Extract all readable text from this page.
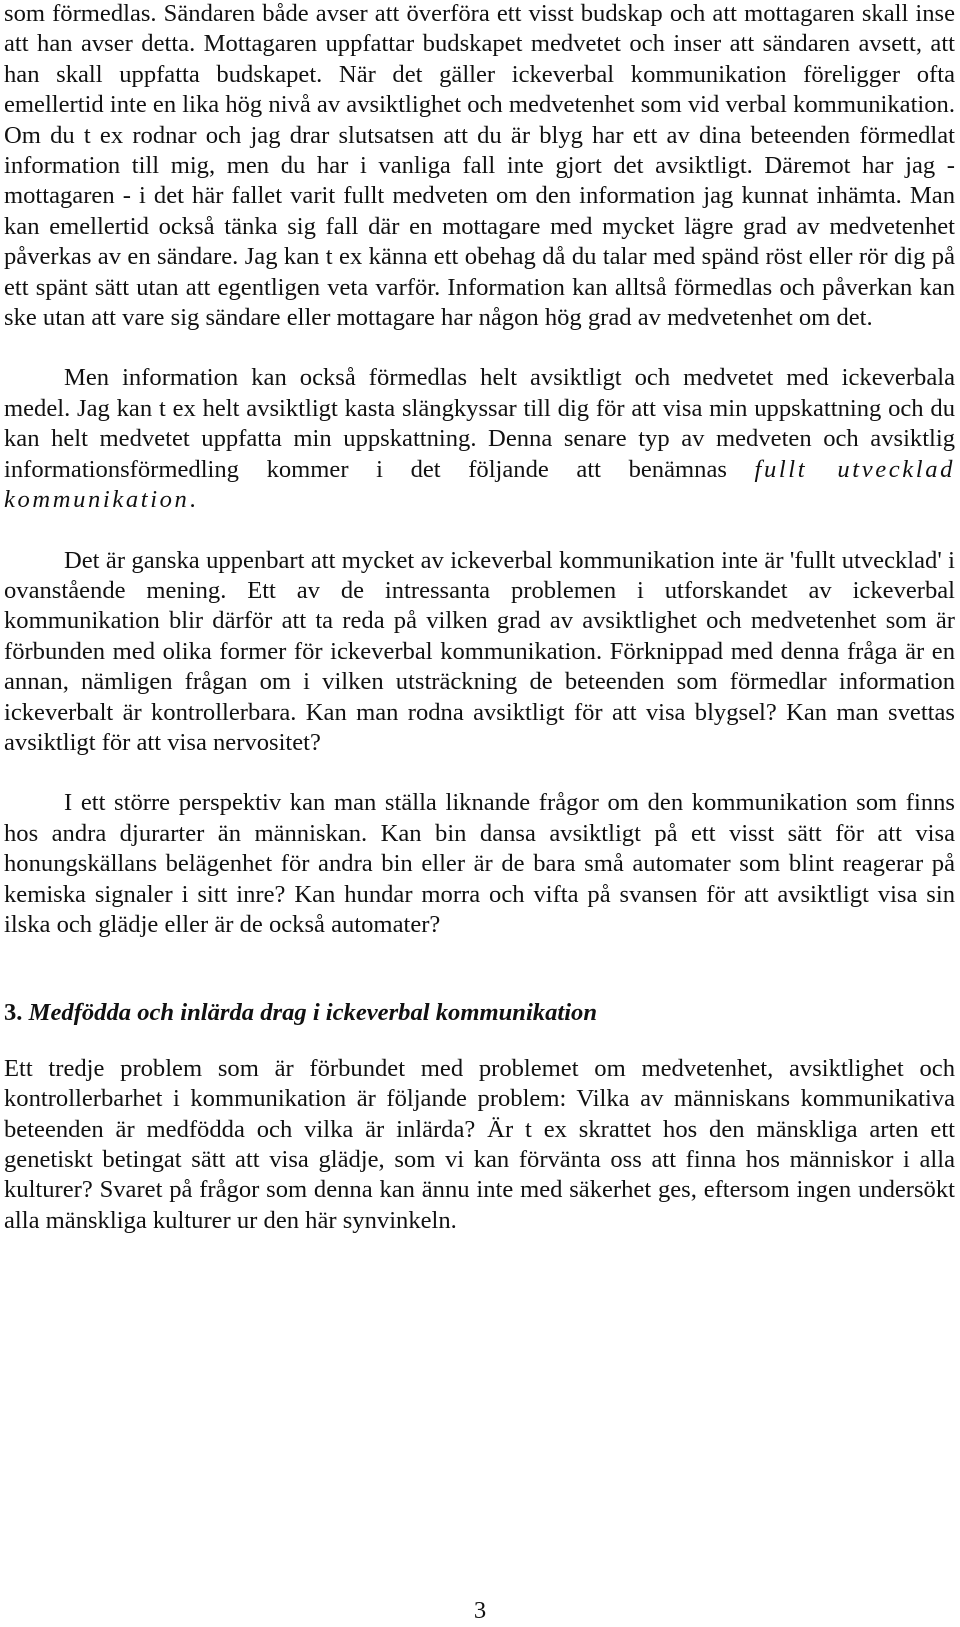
som förmedlas. Sändaren både avser att överföra ett visst budskap och att mottagaren skall inse att han avser detta. Mottagaren uppfattar budskapet medvetet och inser att sändaren avsett, att han skall uppfatta budskapet. När det gäller ickeverbal kommunikation föreligger ofta emellertid inte en lika hög nivå av avsiktlighet och medvetenhet som vid verbal kommunikation. Om du t ex rodnar och jag drar slutsatsen att du är blyg har ett av dina beteenden förmedlat information till mig, men du har i vanliga fall inte gjort det avsiktligt. Däremot har jag - mottagaren - i det här fallet varit fullt medveten om den information jag kunnat inhämta. Man kan emellertid också tänka sig fall där en mottagare med mycket lägre grad av medvetenhet påverkas av en sändare. Jag kan t ex känna ett obehag då du talar med spänd röst eller rör dig på ett spänt sätt utan att egentligen veta varför. Information kan alltså förmedlas och påverkan kan ske utan att vare sig sändare eller mottagare har någon hög grad av medvetenhet om det.

Men information kan också förmedlas helt avsiktligt och medvetet med ickeverbala medel. Jag kan t ex helt avsiktligt kasta slängkyssar till dig för att visa min uppskattning och du kan helt medvetet uppfatta min uppskattning. Denna senare typ av medveten och avsiktlig informationsförmedling kommer i det följande att benämnas fullt utvecklad kommunikation.

Det är ganska uppenbart att mycket av ickeverbal kommunikation inte är 'fullt utvecklad' i ovanstående mening. Ett av de intressanta problemen i utforskandet av ickeverbal kommunikation blir därför att ta reda på vilken grad av avsiktlighet och medvetenhet som är förbunden med olika former för ickeverbal kommunikation. Förknippad med denna fråga är en annan, nämligen frågan om i vilken utsträckning de beteenden som förmedlar information ickeverbalt är kontrollerbara. Kan man rodna avsiktligt för att visa blygsel? Kan man svettas avsiktligt för att visa nervositet?

I ett större perspektiv kan man ställa liknande frågor om den kommunikation som finns hos andra djurarter än människan. Kan bin dansa avsiktligt på ett visst sätt för att visa honungskällans belägenhet för andra bin eller är de bara små automater som blint reagerar på kemiska signaler i sitt inre? Kan hundar morra och vifta på svansen för att avsiktligt visa sin ilska och glädje eller är de också automater?

3. Medfödda och inlärda drag i ickeverbal kommunikation

Ett tredje problem som är förbundet med problemet om medvetenhet, avsiktlighet och kontrollerbarhet i kommunikation är följande problem: Vilka av människans kommunikativa beteenden är medfödda och vilka är inlärda? Är t ex skrattet hos den mänskliga arten ett genetiskt betingat sätt att visa glädje, som vi kan förvänta oss att finna hos människor i alla kulturer? Svaret på frågor som denna kan ännu inte med säkerhet ges, eftersom ingen undersökt alla mänskliga kulturer ur den här synvinkeln.

3
